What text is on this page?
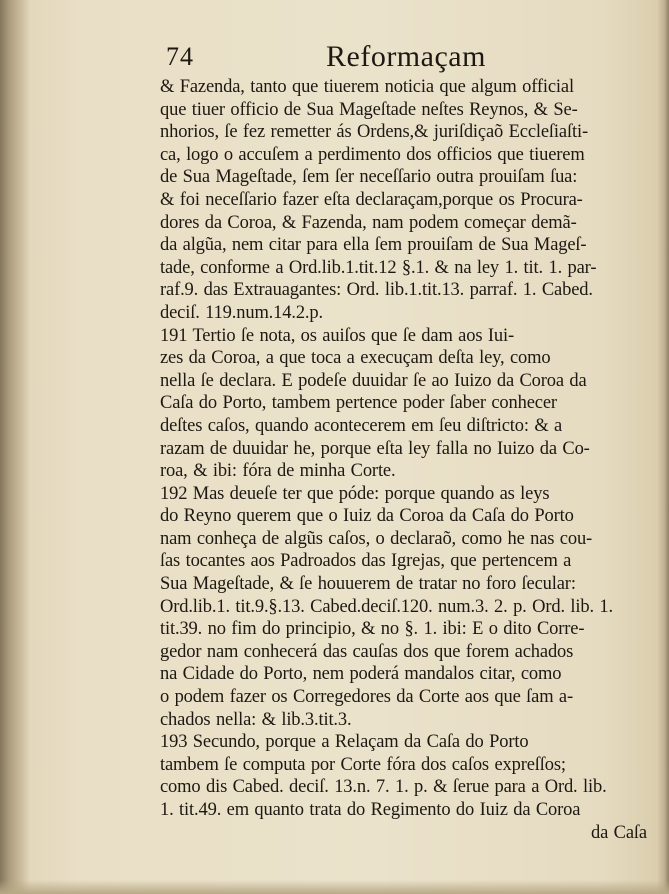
74	Reformaçam
& Fazenda, tanto que tiuerem noticia que algum official
que tiuer officio de Sua Mageſtade neſtes Reynos, & Se-
nhorios, ſe fez remetter ás Ordens,& juriſdiçaõ Eccleſiaſti-
ca, logo o accuſem a perdimento dos officios que tiuerem
de Sua Mageſtade, ſem ſer neceſſario outra prouiſam ſua:
& foi neceſſario fazer eſta declaraçam,porque os Procura-
dores da Coroa, & Fazenda, nam podem começar demã-
da algũa, nem citar para ella ſem prouiſam de Sua Mageſ-
tade, conforme a Ord.lib.1.tit.12 §.1. & na ley 1. tit. 1. par-
raf.9. das Extrauagantes: Ord. lib.1.tit.13. parraf. 1. Cabed.
deciſ. 119.num.14.2.p.
191 Tertio ſe nota, os auiſos que ſe dam aos Iui-
zes da Coroa, a que toca a execuçam deſta ley, como
nella ſe declara. E podeſe duuidar ſe ao Iuizo da Coroa da
Caſa do Porto, tambem pertence poder ſaber conhecer
deſtes caſos, quando acontecerem em ſeu diſtricto: & a
razam de duuidar he, porque eſta ley falla no Iuizo da Co-
roa, & ibi: fóra de minha Corte.
192 Mas deueſe ter que póde: porque quando as leys
do Reyno querem que o Iuiz da Coroa da Caſa do Porto
nam conheça de algũs caſos, o declaraõ, como he nas cou-
ſas tocantes aos Padroados das Igrejas, que pertencem a
Sua Mageſtade, & ſe houuerem de tratar no foro ſecular:
Ord.lib.1. tit.9.§.13. Cabed.deciſ.120. num.3. 2. p. Ord. lib. 1.
tit.39. no fim do principio, & no §. 1. ibi: E o dito Corre-
gedor nam conhecerá das cauſas dos que forem achados
na Cidade do Porto, nem poderá mandalos citar, como
o podem fazer os Corregedores da Corte aos que ſam a-
chados nella: & lib.3.tit.3.
193 Secundo, porque a Relaçam da Caſa do Porto
tambem ſe computa por Corte fóra dos caſos expreſſos;
como dis Cabed. deciſ. 13.n. 7. 1. p. & ſerue para a Ord. lib.
1. tit.49. em quanto trata do Regimento do Iuiz da Coroa
da Caſa
